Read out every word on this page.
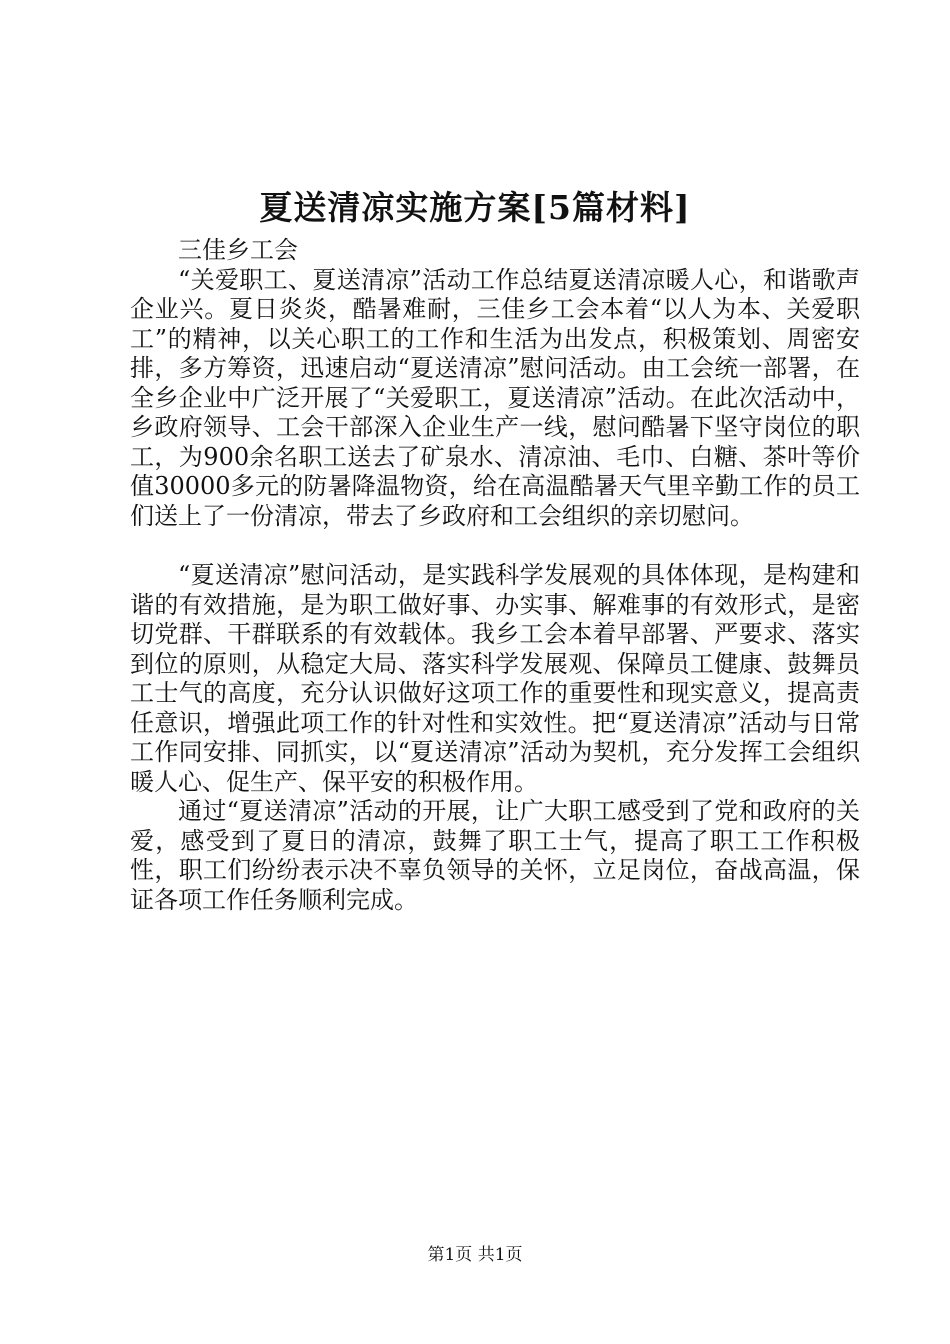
夏送清凉实施方案[5篇材料]

三佳乡工会

“关爱职工、夏送清凉”活动工作总结夏送清凉暖人心，和谐歌声企业兴。夏日炎炎，酷暑难耐，三佳乡工会本着“以人为本、关爱职工”的精神，以关心职工的工作和生活为出发点，积极策划、周密安排，多方筹资，迅速启动“夏送清凉”慰问活动。由工会统一部署，在全乡企业中广泛开展了“关爱职工，夏送清凉”活动。在此次活动中，乡政府领导、工会干部深入企业生产一线，慰问酷暑下坚守岗位的职工，为900余名职工送去了矿泉水、清凉油、毛巾、白糖、茶叶等价值30000多元的防暑降温物资，给在高温酷暑天气里辛勤工作的员工们送上了一份清凉，带去了乡政府和工会组织的亲切慰问。

“夏送清凉”慰问活动，是实践科学发展观的具体体现，是构建和谐的有效措施，是为职工做好事、办实事、解难事的有效形式，是密切党群、干群联系的有效载体。我乡工会本着早部署、严要求、落实到位的原则，从稳定大局、落实科学发展观、保障员工健康、鼓舞员工士气的高度，充分认识做好这项工作的重要性和现实意义，提高责任意识，增强此项工作的针对性和实效性。把“夏送清凉”活动与日常工作同安排、同抓实，以“夏送清凉”活动为契机，充分发挥工会组织暖人心、促生产、保平安的积极作用。

通过“夏送清凉”活动的开展，让广大职工感受到了党和政府的关爱，感受到了夏日的清凉，鼓舞了职工士气，提高了职工工作积极性，职工们纷纷表示决不辜负领导的关怀，立足岗位，奋战高温，保证各项工作任务顺利完成。

第1页 共1页
